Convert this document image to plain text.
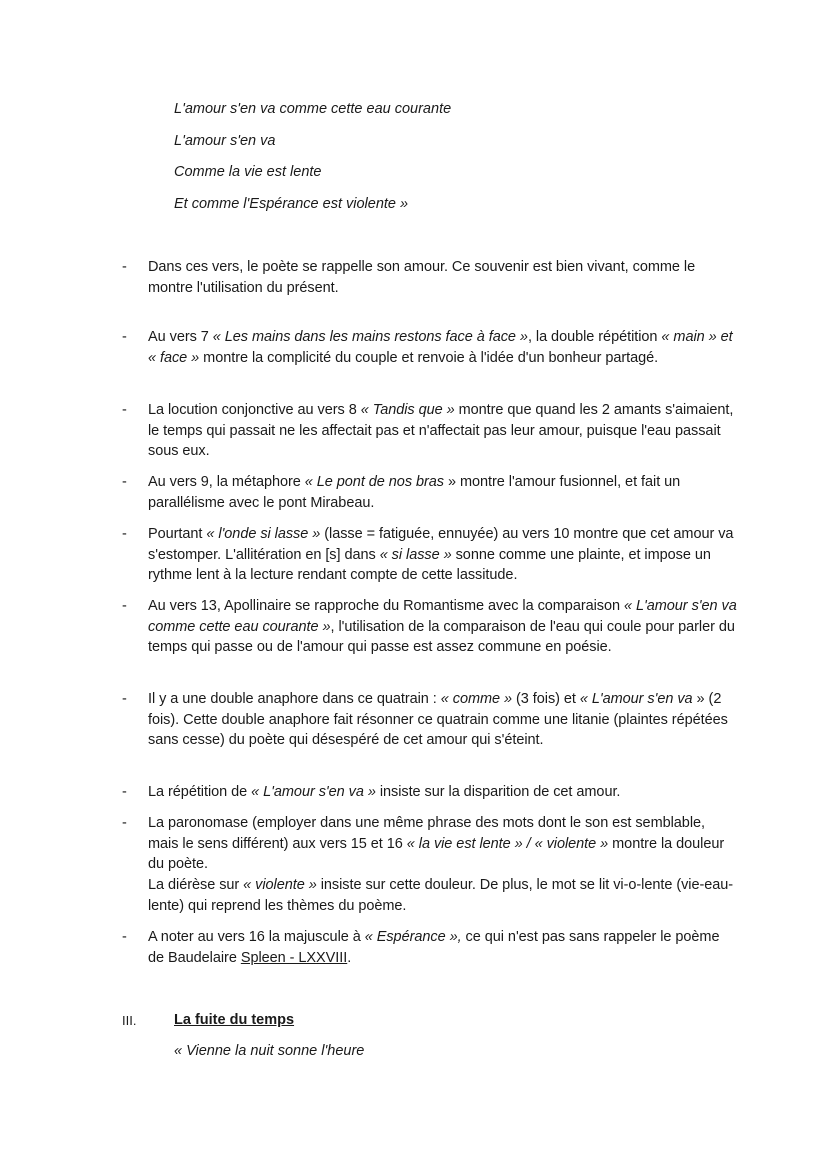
L'amour s'en va comme cette eau courante
L'amour s'en va
Comme la vie est lente
Et comme l'Espérance est violente »
- Dans ces vers, le poète se rappelle son amour. Ce souvenir est bien vivant, comme le montre l'utilisation du présent.
- Au vers 7 « Les mains dans les mains restons face à face », la double répétition « main » et « face » montre la complicité du couple et renvoie à l'idée d'un bonheur partagé.
- La locution conjonctive au vers 8 « Tandis que » montre que quand les 2 amants s'aimaient, le temps qui passait ne les affectait pas et n'affectait pas leur amour, puisque l'eau passait sous eux.
- Au vers 9, la métaphore « Le pont de nos bras » montre l'amour fusionnel, et fait un parallélisme avec le pont Mirabeau.
- Pourtant « l'onde si lasse » (lasse = fatiguée, ennuyée) au vers 10 montre que cet amour va s'estomper. L'allitération en [s] dans « si lasse » sonne comme une plainte, et impose un rythme lent à la lecture rendant compte de cette lassitude.
- Au vers 13, Apollinaire se rapproche du Romantisme avec la comparaison « L'amour s'en va comme cette eau courante », l'utilisation de la comparaison de l'eau qui coule pour parler du temps qui passe ou de l'amour qui passe est assez commune en poésie.
- Il y a une double anaphore dans ce quatrain : « comme » (3 fois) et « L'amour s'en va » (2 fois). Cette double anaphore fait résonner ce quatrain comme une litanie (plaintes répétées sans cesse) du poète qui désespéré de cet amour qui s'éteint.
- La répétition de « L'amour s'en va » insiste sur la disparition de cet amour.
- La paronomase (employer dans une même phrase des mots dont le son est semblable, mais le sens différent) aux vers 15 et 16 « la vie est lente » / « violente » montre la douleur du poète.
La diérèse sur « violente » insiste sur cette douleur. De plus, le mot se lit vi-o-lente (vie-eau-lente) qui reprend les thèmes du poème.
- A noter au vers 16 la majuscule à « Espérance », ce qui n'est pas sans rappeler le poème de Baudelaire Spleen - LXXVIII.
III.	La fuite du temps
« Vienne la nuit sonne l'heure
